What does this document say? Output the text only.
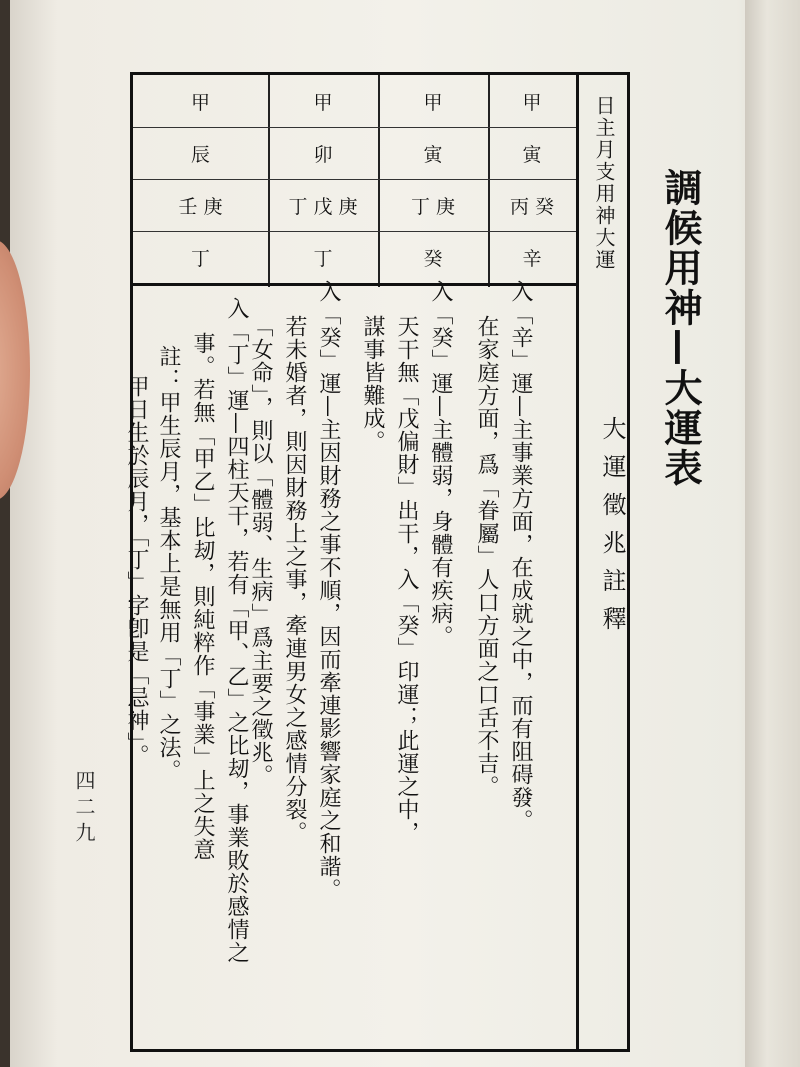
調候用神—大運表
日主月支用神大運
甲
寅
丙 癸
辛
甲
寅
丁 庚
癸
甲
卯
丁 戊 庚
丁
甲
辰
壬 庚
丁
大運徵兆註釋
入「辛」運—主事業方面，在成就之中，而有阻碍發。
在家庭方面，爲「眷屬」人口方面之口舌不吉。
入「癸」運—主體弱，身體有疾病。
天干無「戊偏財」出干，入「癸」印運；此運之中，
謀事皆難成。
入「癸」運—主因財務之事不順，因而牽連影響家庭之和諧。
若未婚者，則因財務上之事，牽連男女之感情分裂。
「女命」，則以「體弱、生病」爲主要之徵兆。
入「丁」運—四柱天干，若有「甲、乙」之比刼，事業敗於感情之
事。若無「甲乙」比刼，則純粹作「事業」上之失意
註：甲生辰月，基本上是無用「丁」之法。
甲日生於辰月，「丁」字卽是「忌神」。
四二九
